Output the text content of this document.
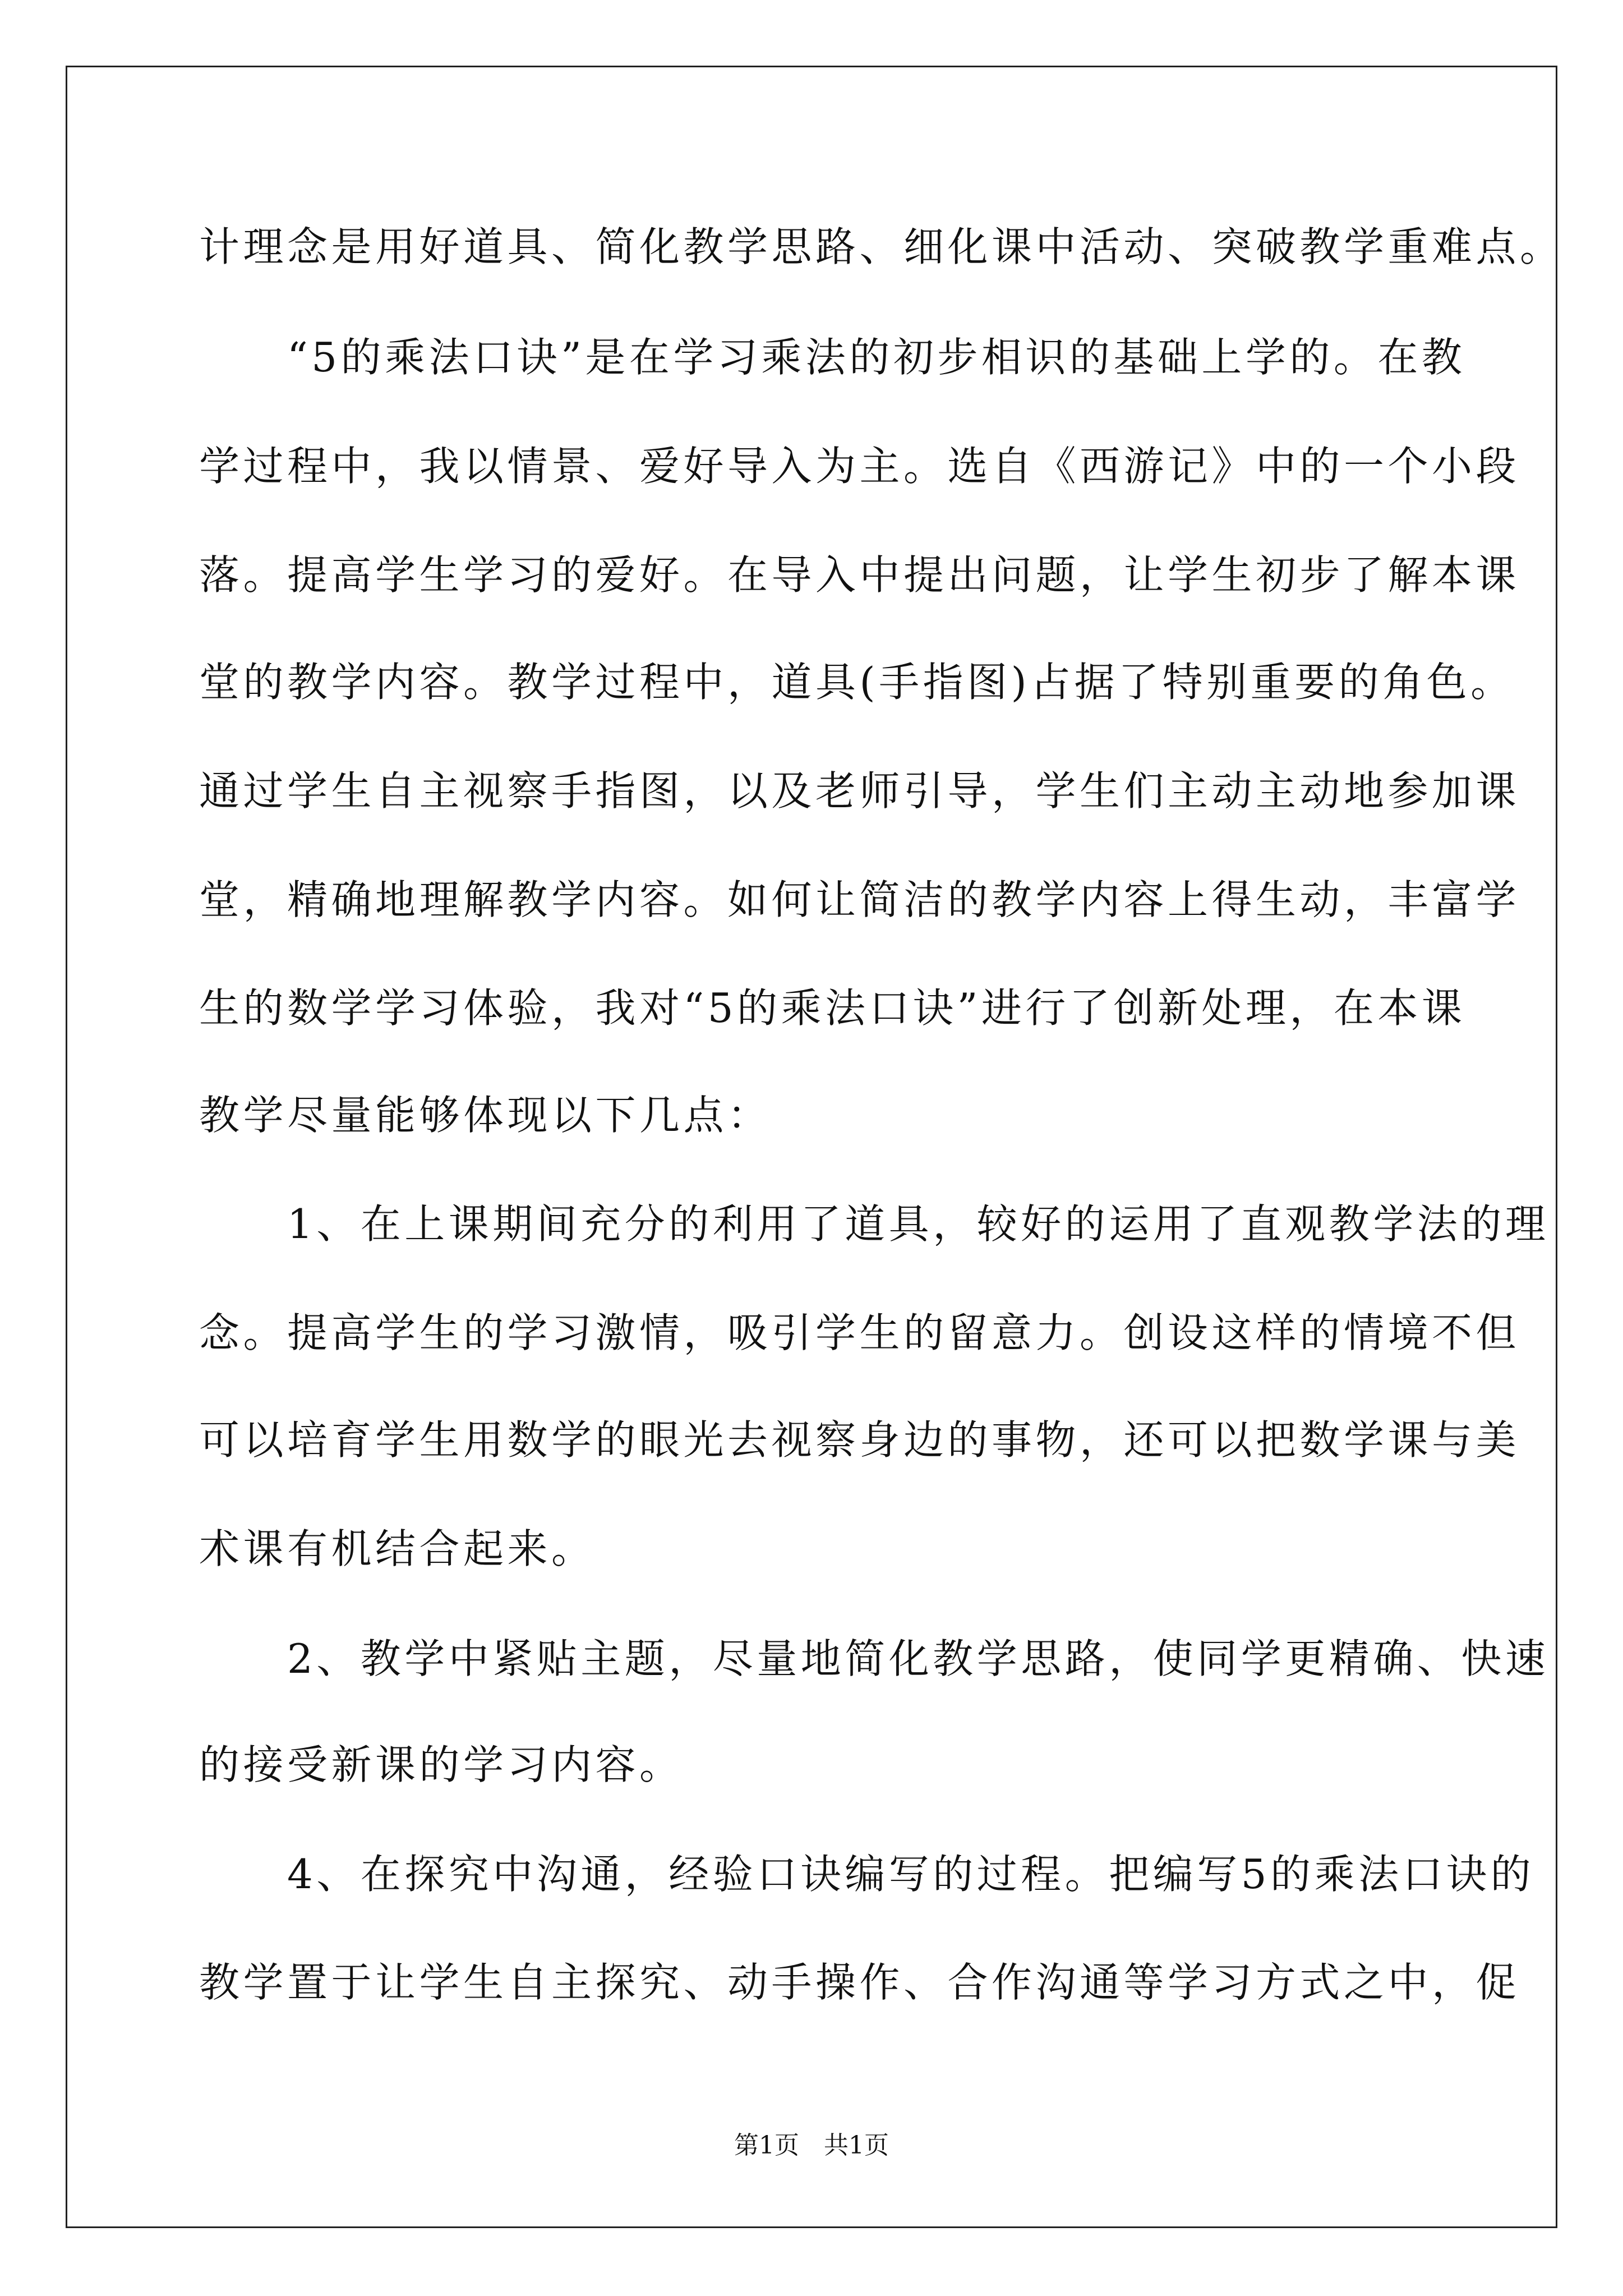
计理念是用好道具、简化教学思路、细化课中活动、突破教学重难点。
　　“5的乘法口诀”是在学习乘法的初步相识的基础上学的。在教
学过程中，我以情景、爱好导入为主。选自《西游记》中的一个小段
落。提高学生学习的爱好。在导入中提出问题，让学生初步了解本课
堂的教学内容。教学过程中，道具(手指图)占据了特别重要的角色。
通过学生自主视察手指图，以及老师引导，学生们主动主动地参加课
堂，精确地理解教学内容。如何让简洁的教学内容上得生动，丰富学
生的数学学习体验，我对“5的乘法口诀”进行了创新处理，在本课
教学尽量能够体现以下几点：
　　1、在上课期间充分的利用了道具，较好的运用了直观教学法的理
念。提高学生的学习激情，吸引学生的留意力。创设这样的情境不但
可以培育学生用数学的眼光去视察身边的事物，还可以把数学课与美
术课有机结合起来。
　　2、教学中紧贴主题，尽量地简化教学思路，使同学更精确、快速
的接受新课的学习内容。
　　4、在探究中沟通，经验口诀编写的过程。把编写5的乘法口诀的
教学置于让学生自主探究、动手操作、合作沟通等学习方式之中，促
第1页　共1页
